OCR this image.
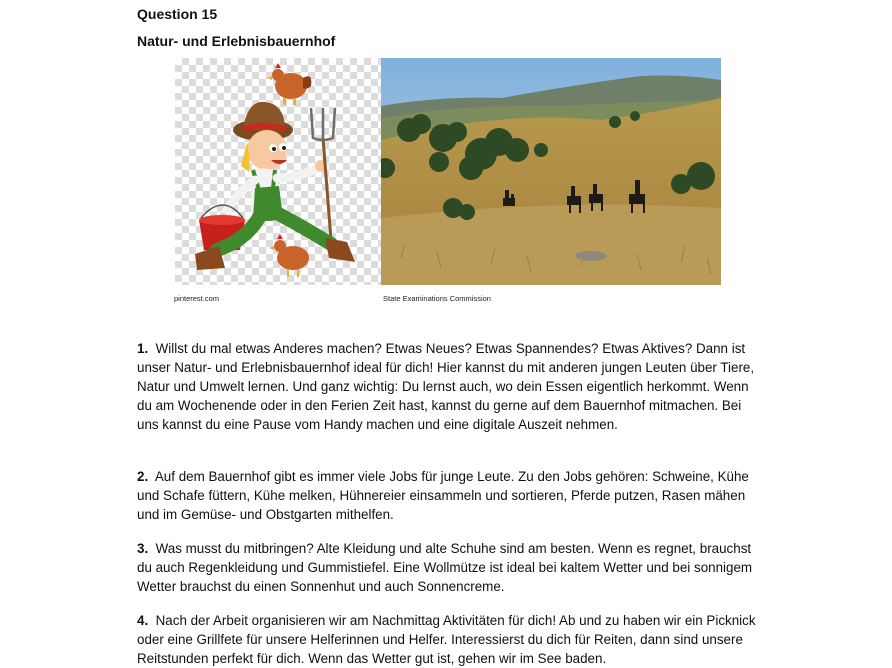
Question 15
Natur- und Erlebnisbauernhof
pinterest.com	State Examinations Commission
1. Willst du mal etwas Anderes machen? Etwas Neues? Etwas Spannendes? Etwas Aktives? Dann ist unser Natur- und Erlebnisbauernhof ideal für dich! Hier kannst du mit anderen jungen Leuten über Tiere, Natur und Umwelt lernen. Und ganz wichtig: Du lernst auch, wo dein Essen eigentlich herkommt. Wenn du am Wochenende oder in den Ferien Zeit hast, kannst du gerne auf dem Bauernhof mitmachen. Bei uns kannst du eine Pause vom Handy machen und eine digitale Auszeit nehmen.
2. Auf dem Bauernhof gibt es immer viele Jobs für junge Leute. Zu den Jobs gehören: Schweine, Kühe und Schafe füttern, Kühe melken, Hühnereier einsammeln und sortieren, Pferde putzen, Rasen mähen und im Gemüse- und Obstgarten mithelfen.
3. Was musst du mitbringen? Alte Kleidung und alte Schuhe sind am besten. Wenn es regnet, brauchst du auch Regenkleidung und Gummistiefel. Eine Wollmütze ist ideal bei kaltem Wetter und bei sonnigem Wetter brauchst du einen Sonnenhut und auch Sonnencreme.
4. Nach der Arbeit organisieren wir am Nachmittag Aktivitäten für dich! Ab und zu haben wir ein Picknick oder eine Grillfete für unsere Helferinnen und Helfer. Interessierst du dich für Reiten, dann sind unsere Reitstunden perfekt für dich. Wenn das Wetter gut ist, gehen wir im See baden.
